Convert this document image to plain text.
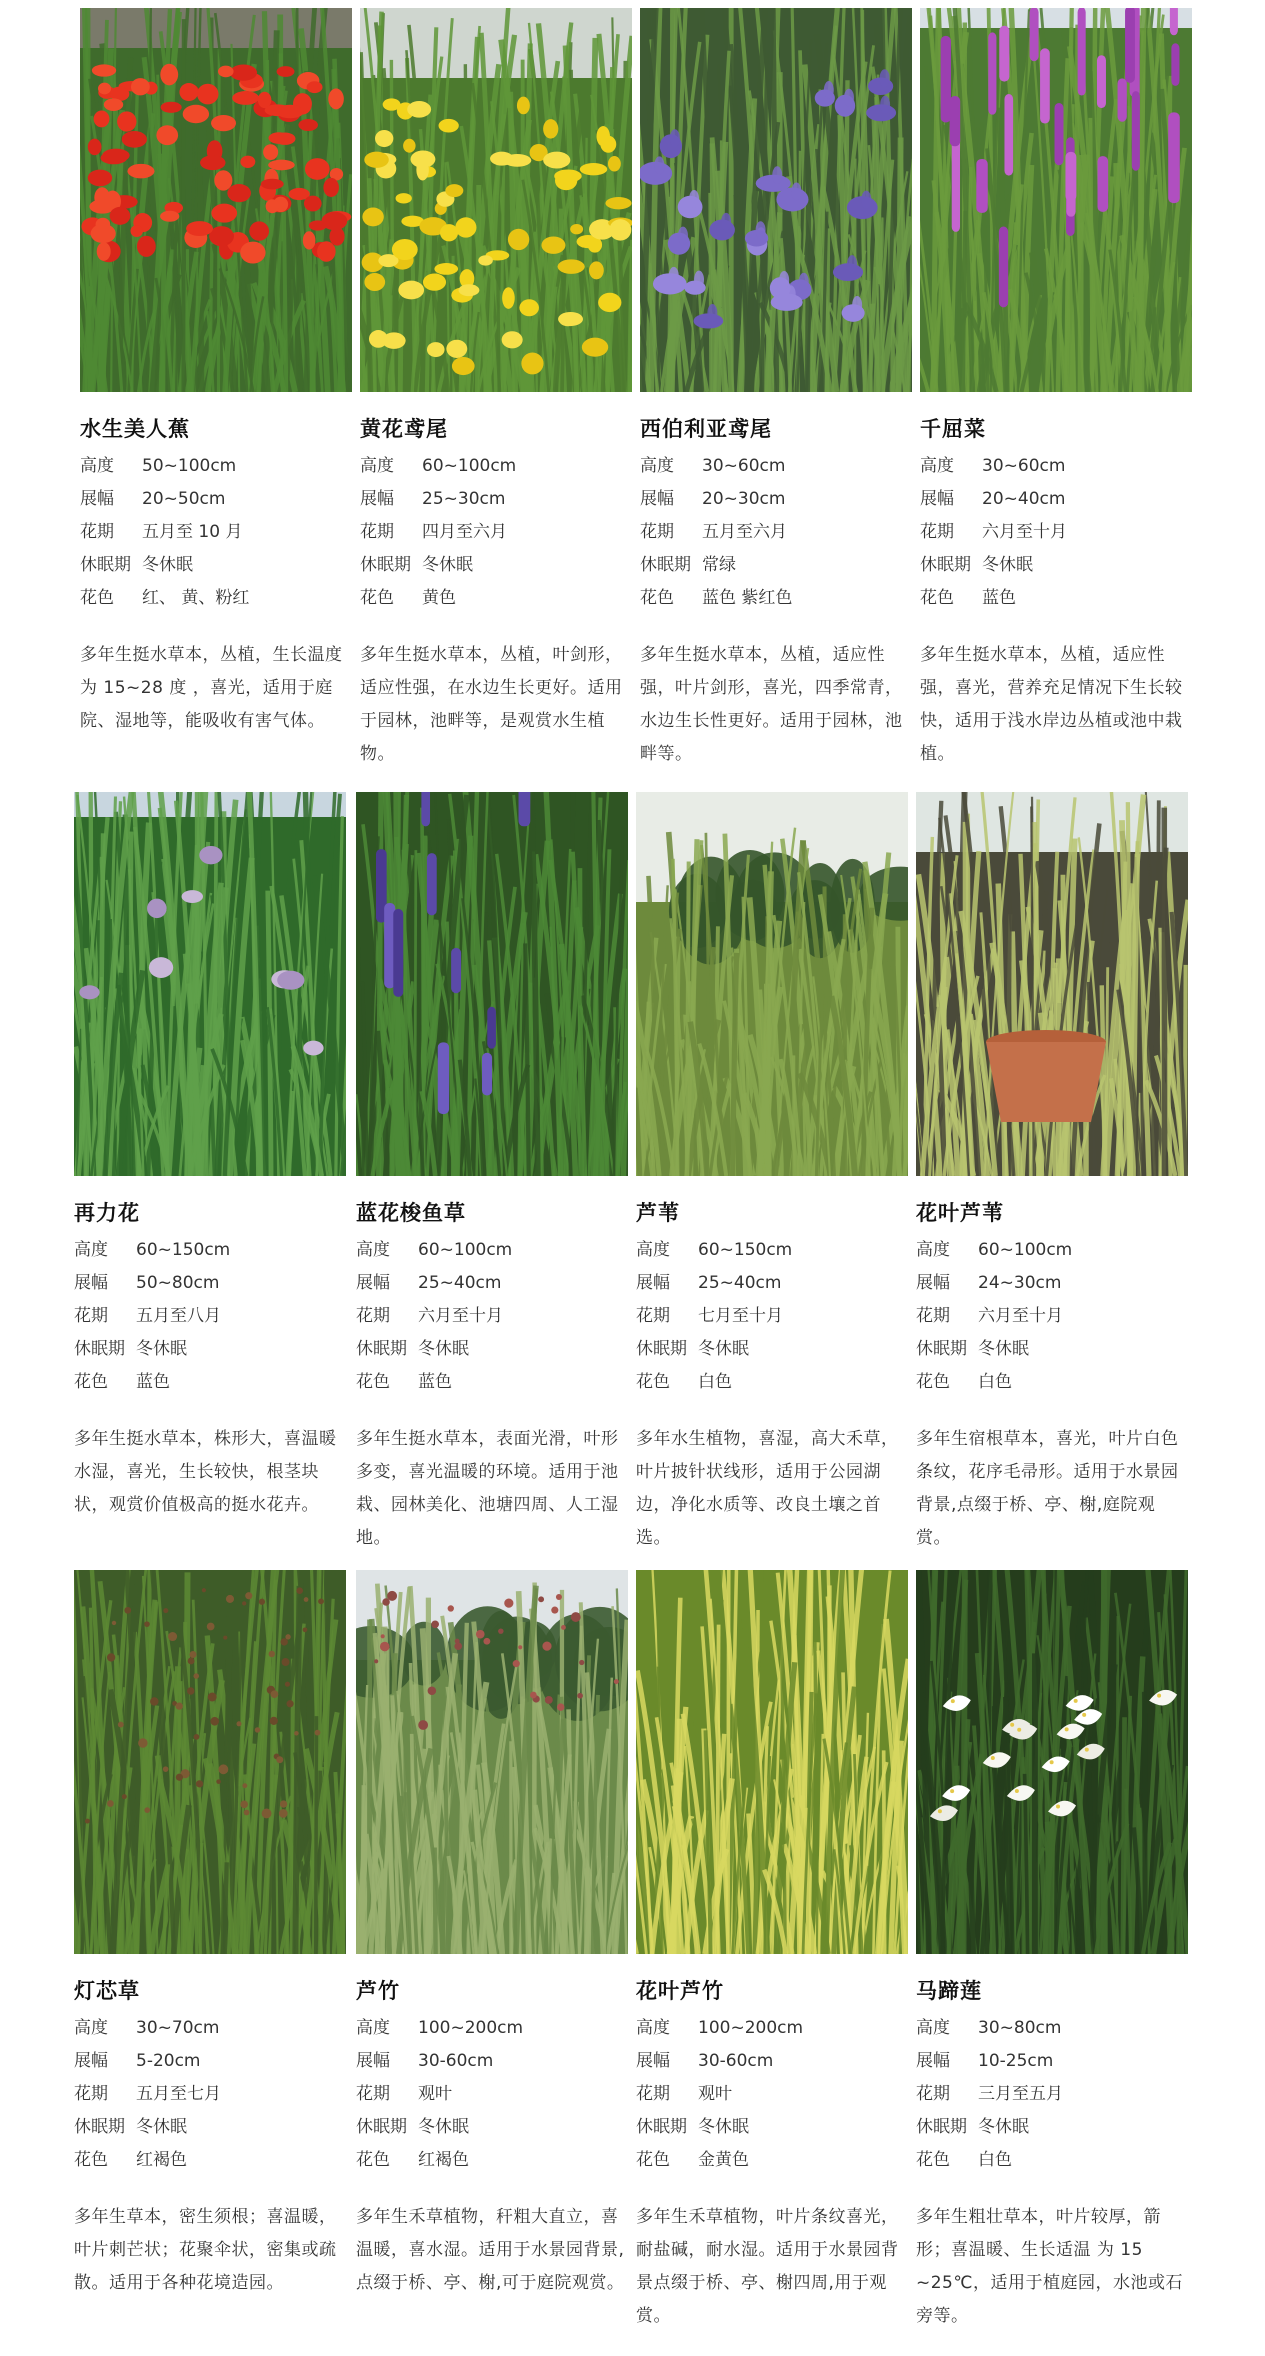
水生美人蕉
高度 50~100cm
展幅 20~50cm
花期 五月至 10 月
休眠期 冬休眠
花色 红、 黄、粉红
多年生挺水草本，丛植，生长温度为 15~28 度 ，喜光，适用于庭院、湿地等，能吸收有害气体。
黄花鸢尾
高度 60~100cm
展幅 25~30cm
花期 四月至六月
休眠期 冬休眠
花色 黄色
多年生挺水草本，丛植，叶剑形，适应性强，在水边生长更好。适用于园林，池畔等，是观赏水生植物。
西伯利亚鸢尾
高度 30~60cm
展幅 20~30cm
花期 五月至六月
休眠期 常绿
花色 蓝色 紫红色
多年生挺水草本，丛植，适应性强，叶片剑形，喜光，四季常青，水边生长性更好。适用于园林，池畔等。
千屈菜
高度 30~60cm
展幅 20~40cm
花期 六月至十月
休眠期 冬休眠
花色 蓝色
多年生挺水草本，丛植，适应性强，喜光，营养充足情况下生长较快，适用于浅水岸边丛植或池中栽植。
再力花
高度 60~150cm
展幅 50~80cm
花期 五月至八月
休眠期 冬休眠
花色 蓝色
多年生挺水草本，株形大，喜温暖水湿，喜光，生长较快，根茎块状，观赏价值极高的挺水花卉。
蓝花梭鱼草
高度 60~100cm
展幅 25~40cm
花期 六月至十月
休眠期 冬休眠
花色 蓝色
多年生挺水草本，表面光滑，叶形多变，喜光温暖的环境。适用于池栽、园林美化、池塘四周、人工湿地。
芦苇
高度 60~150cm
展幅 25~40cm
花期 七月至十月
休眠期 冬休眠
花色 白色
多年水生植物，喜湿，高大禾草，叶片披针状线形，适用于公园湖边，净化水质等、改良土壤之首选。
花叶芦苇
高度 60~100cm
展幅 24~30cm
花期 六月至十月
休眠期 冬休眠
花色 白色
多年生宿根草本，喜光，叶片白色条纹，花序毛帚形。适用于水景园背景,点缀于桥、亭、榭,庭院观赏。
灯芯草
高度 30~70cm
展幅 5-20cm
花期 五月至七月
休眠期 冬休眠
花色 红褐色
多年生草本，密生须根；喜温暖，叶片刺芒状；花聚伞状，密集或疏散。适用于各种花境造园。
芦竹
高度 100~200cm
展幅 30-60cm
花期 观叶
休眠期 冬休眠
花色 红褐色
多年生禾草植物，秆粗大直立，喜温暖，喜水湿。适用于水景园背景,点缀于桥、亭、榭,可于庭院观赏。
花叶芦竹
高度 100~200cm
展幅 30-60cm
花期 观叶
休眠期 冬休眠
花色 金黄色
多年生禾草植物，叶片条纹喜光，耐盐碱，耐水湿。适用于水景园背景点缀于桥、亭、榭四周,用于观赏。
马蹄莲
高度 30~80cm
展幅 10-25cm
花期 三月至五月
休眠期 冬休眠
花色 白色
多年生粗壮草本，叶片较厚，箭形；喜温暖、生长适温 为 15 ~25℃，适用于植庭园，水池或石旁等。
